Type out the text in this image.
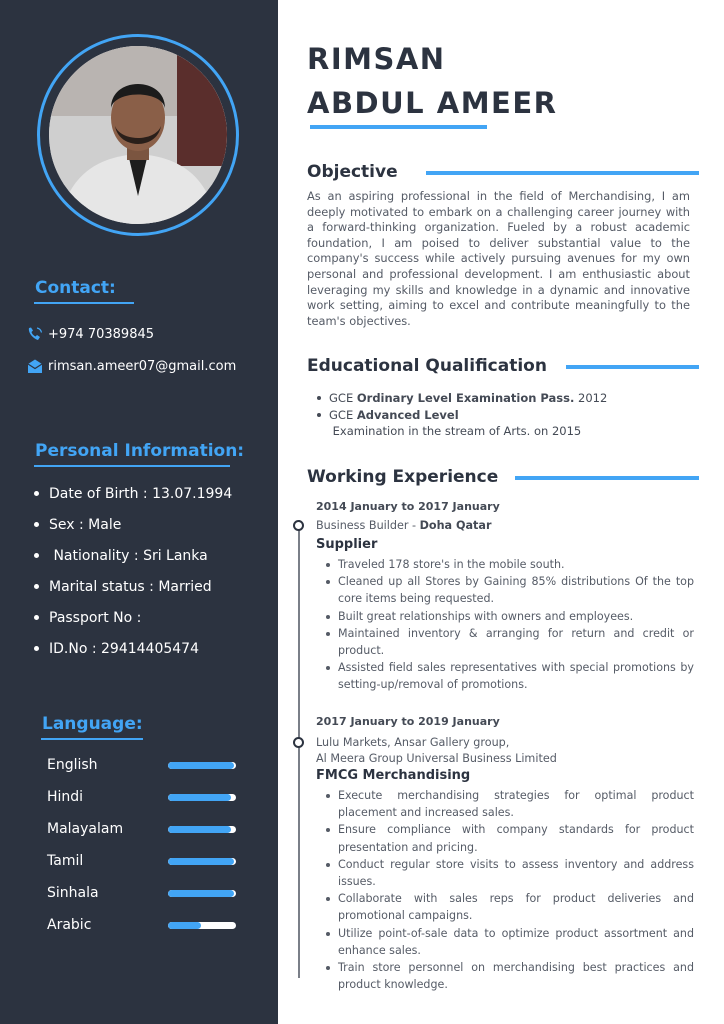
Contact:
+974 70389845
rimsan.ameer07@gmail.com
Personal Information:
Date of Birth : 13.07.1994
Sex : Male
Nationality : Sri Lanka
Marital status : Married
Passport No :
ID.No : 29414405474
Language:
English
Hindi
Malayalam
Tamil
Sinhala
Arabic
RIMSAN
ABDUL AMEER
Objective
As an aspiring professional in the field of Merchandising, I am deeply motivated to embark on a challenging career journey with a forward-thinking organization. Fueled by a robust academic foundation, I am poised to deliver substantial value to the company's success while actively pursuing avenues for my own personal and professional development. I am enthusiastic about leveraging my skills and knowledge in a dynamic and innovative work setting, aiming to excel and contribute meaningfully to the team's objectives.
Educational Qualification
GCE Ordinary Level Examination Pass. 2012
GCE Advanced Level Examination in the stream of Arts. on 2015
Working Experience
2014 January to 2017 January
Business Builder - Doha Qatar
Supplier
Traveled 178 store's in the mobile south.
Cleaned up all Stores by Gaining 85% distributions Of the top core items being requested.
Built great relationships with owners and employees.
Maintained inventory & arranging for return and credit or product.
Assisted field sales representatives with special promotions by setting-up/removal of promotions.
2017 January to 2019 January
Lulu Markets, Ansar Gallery group,
Al Meera Group Universal Business Limited
FMCG Merchandising
Execute merchandising strategies for optimal product placement and increased sales.
Ensure compliance with company standards for product presentation and pricing.
Conduct regular store visits to assess inventory and address issues.
Collaborate with sales reps for product deliveries and promotional campaigns.
Utilize point-of-sale data to optimize product assortment and enhance sales.
Train store personnel on merchandising best practices and product knowledge.
